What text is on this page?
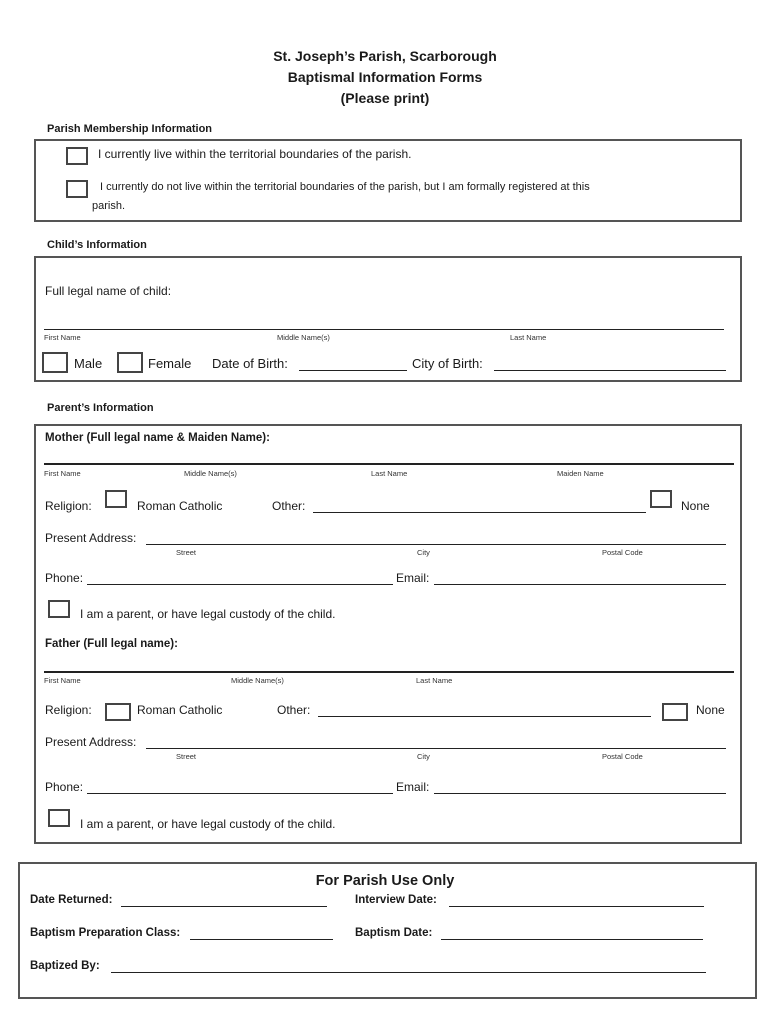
St. Joseph’s Parish, Scarborough
Baptismal Information Forms
(Please print)
Parish Membership Information
I currently live within the territorial boundaries of the parish.
I currently do not live within the territorial boundaries of the parish, but I am formally registered at this
parish.
Child’s Information
Full legal name of child:
First Name	Middle Name(s)	Last Name
Male	Female Date of Birth:	City of Birth:
Parent’s Information
Mother (Full legal name & Maiden Name):
First Name	Middle Name(s)	Last Name	Maiden Name
Religion:	Roman Catholic	Other:	None
Present Address:
Street	City	Postal Code
Phone:	Email:
I am a parent, or have legal custody of the child.
Father (Full legal name):
First Name	Middle Name(s)	Last Name
Religion:	Roman Catholic	Other:	None
Present Address:
Street	City	Postal Code
Phone:	Email:
I am a parent, or have legal custody of the child.
For Parish Use Only
Date Returned:	Interview Date:
Baptism Preparation Class:	Baptism Date:
Baptized By:
